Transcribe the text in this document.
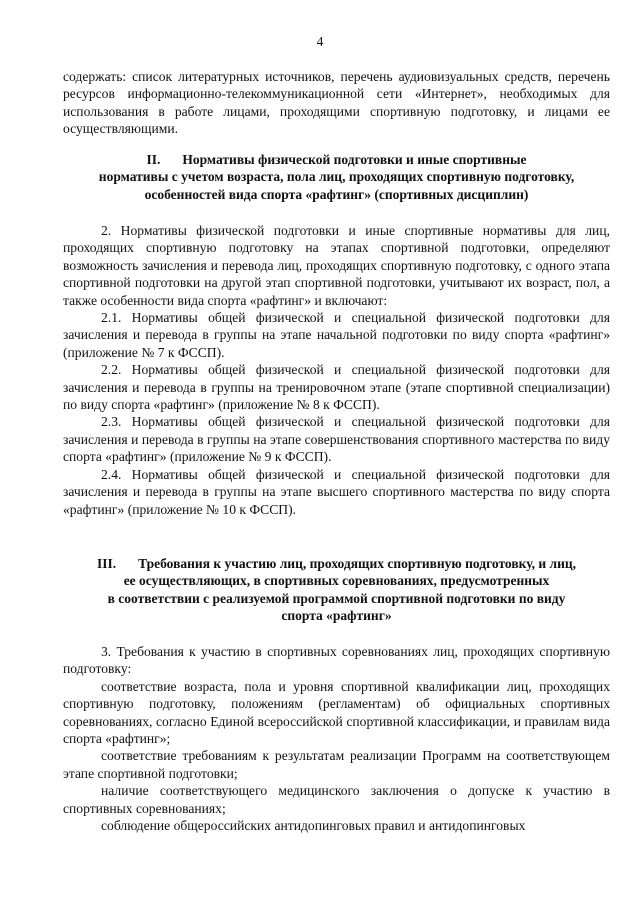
4

содержать: список литературных источников, перечень аудиовизуальных средств, перечень ресурсов информационно-телекоммуникационной сети «Интернет», необходимых для использования в работе лицами, проходящими спортивную подготовку, и лицами ее осуществляющими.

II. Нормативы физической подготовки и иные спортивные
нормативы с учетом возраста, пола лиц, проходящих спортивную подготовку,
особенностей вида спорта «рафтинг» (спортивных дисциплин)

2. Нормативы физической подготовки и иные спортивные нормативы для лиц, проходящих спортивную подготовку на этапах спортивной подготовки, определяют возможность зачисления и перевода лиц, проходящих спортивную подготовку, с одного этапа спортивной подготовки на другой этап спортивной подготовки, учитывают их возраст, пол, а также особенности вида спорта «рафтинг» и включают:

2.1. Нормативы общей физической и специальной физической подготовки для зачисления и перевода в группы на этапе начальной подготовки по виду спорта «рафтинг» (приложение № 7 к ФССП).

2.2. Нормативы общей физической и специальной физической подготовки для зачисления и перевода в группы на тренировочном этапе (этапе спортивной специализации) по виду спорта «рафтинг» (приложение № 8 к ФССП).

2.3. Нормативы общей физической и специальной физической подготовки для зачисления и перевода в группы на этапе совершенствования спортивного мастерства по виду спорта «рафтинг» (приложение № 9 к ФССП).

2.4. Нормативы общей физической и специальной физической подготовки для зачисления и перевода в группы на этапе высшего спортивного мастерства по виду спорта «рафтинг» (приложение № 10 к ФССП).

III. Требования к участию лиц, проходящих спортивную подготовку, и лиц,
ее осуществляющих, в спортивных соревнованиях, предусмотренных
в соответствии с реализуемой программой спортивной подготовки по виду
спорта «рафтинг»

3. Требования к участию в спортивных соревнованиях лиц, проходящих спортивную подготовку:

соответствие возраста, пола и уровня спортивной квалификации лиц, проходящих спортивную подготовку, положениям (регламентам) об официальных спортивных соревнованиях, согласно Единой всероссийской спортивной классификации, и правилам вида спорта «рафтинг»;

соответствие требованиям к результатам реализации Программ на соответствующем этапе спортивной подготовки;

наличие соответствующего медицинского заключения о допуске к участию в спортивных соревнованиях;

соблюдение общероссийских антидопинговых правил и антидопинговых
